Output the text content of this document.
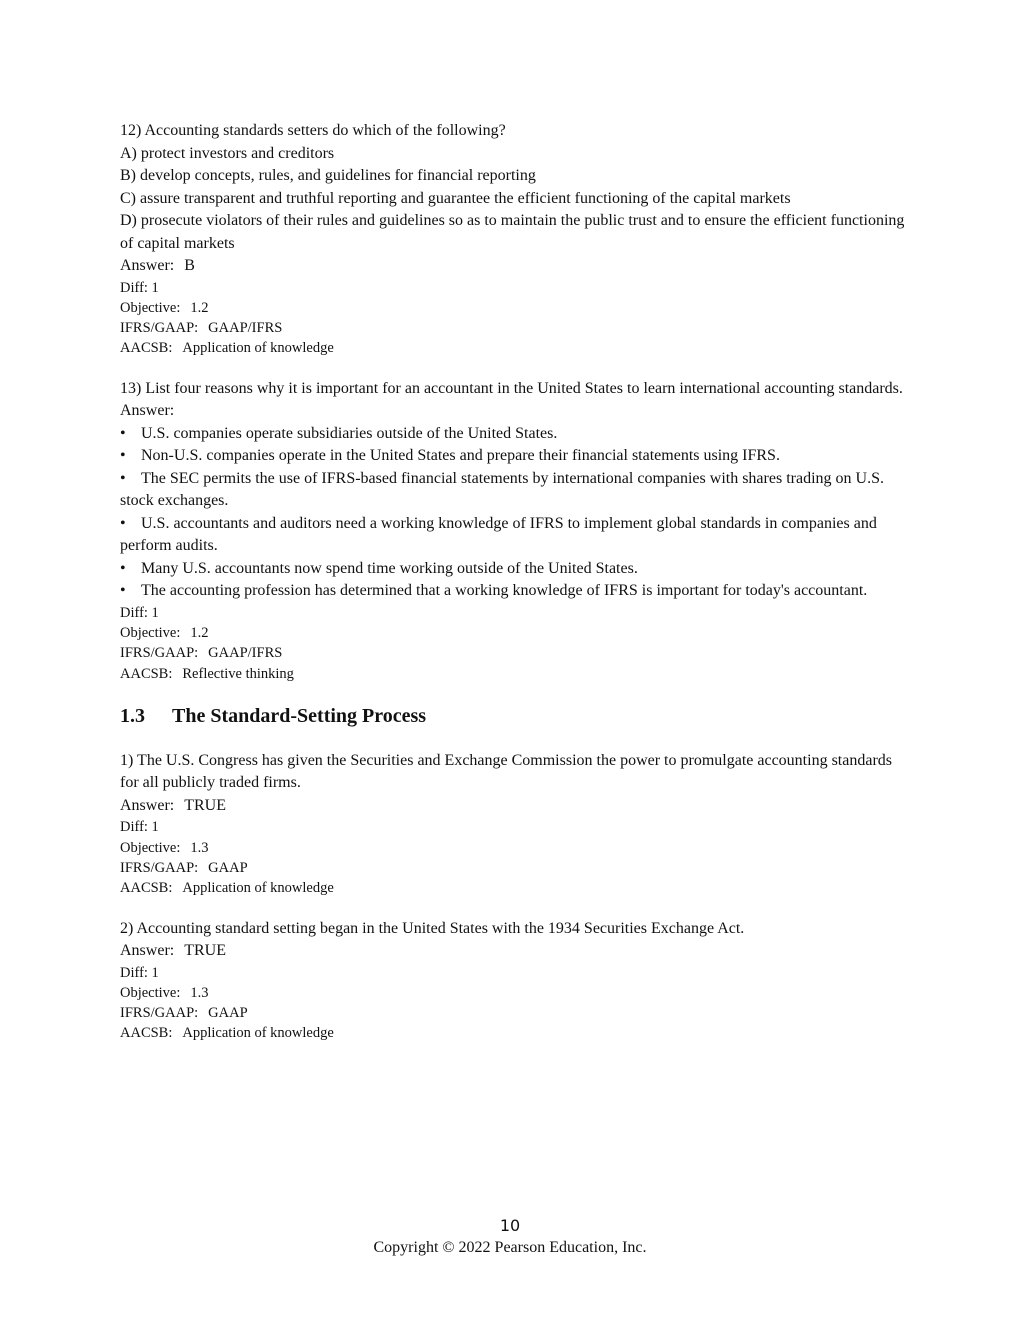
12) Accounting standards setters do which of the following?

A) protect investors and creditors

B) develop concepts, rules, and guidelines for financial reporting

C) assure transparent and truthful reporting and guarantee the efficient functioning of the capital markets

D) prosecute violators of their rules and guidelines so as to maintain the public trust and to ensure the efficient functioning of capital markets

Answer: B

Diff: 1

Objective: 1.2

IFRS/GAAP: GAAP/IFRS

AACSB: Application of knowledge

13) List four reasons why it is important for an accountant in the United States to learn international accounting standards.

Answer:

• U.S. companies operate subsidiaries outside of the United States.

• Non-U.S. companies operate in the United States and prepare their financial statements using IFRS.

• The SEC permits the use of IFRS-based financial statements by international companies with shares trading on U.S. stock exchanges.

• U.S. accountants and auditors need a working knowledge of IFRS to implement global standards in companies and perform audits.

• Many U.S. accountants now spend time working outside of the United States.

• The accounting profession has determined that a working knowledge of IFRS is important for today's accountant.

Diff: 1

Objective: 1.2

IFRS/GAAP: GAAP/IFRS

AACSB: Reflective thinking

1.3 The Standard-Setting Process

1) The U.S. Congress has given the Securities and Exchange Commission the power to promulgate accounting standards for all publicly traded firms.

Answer: TRUE

Diff: 1

Objective: 1.3

IFRS/GAAP: GAAP

AACSB: Application of knowledge

2) Accounting standard setting began in the United States with the 1934 Securities Exchange Act.

Answer: TRUE

Diff: 1

Objective: 1.3

IFRS/GAAP: GAAP

AACSB: Application of knowledge

10
Copyright © 2022 Pearson Education, Inc.
